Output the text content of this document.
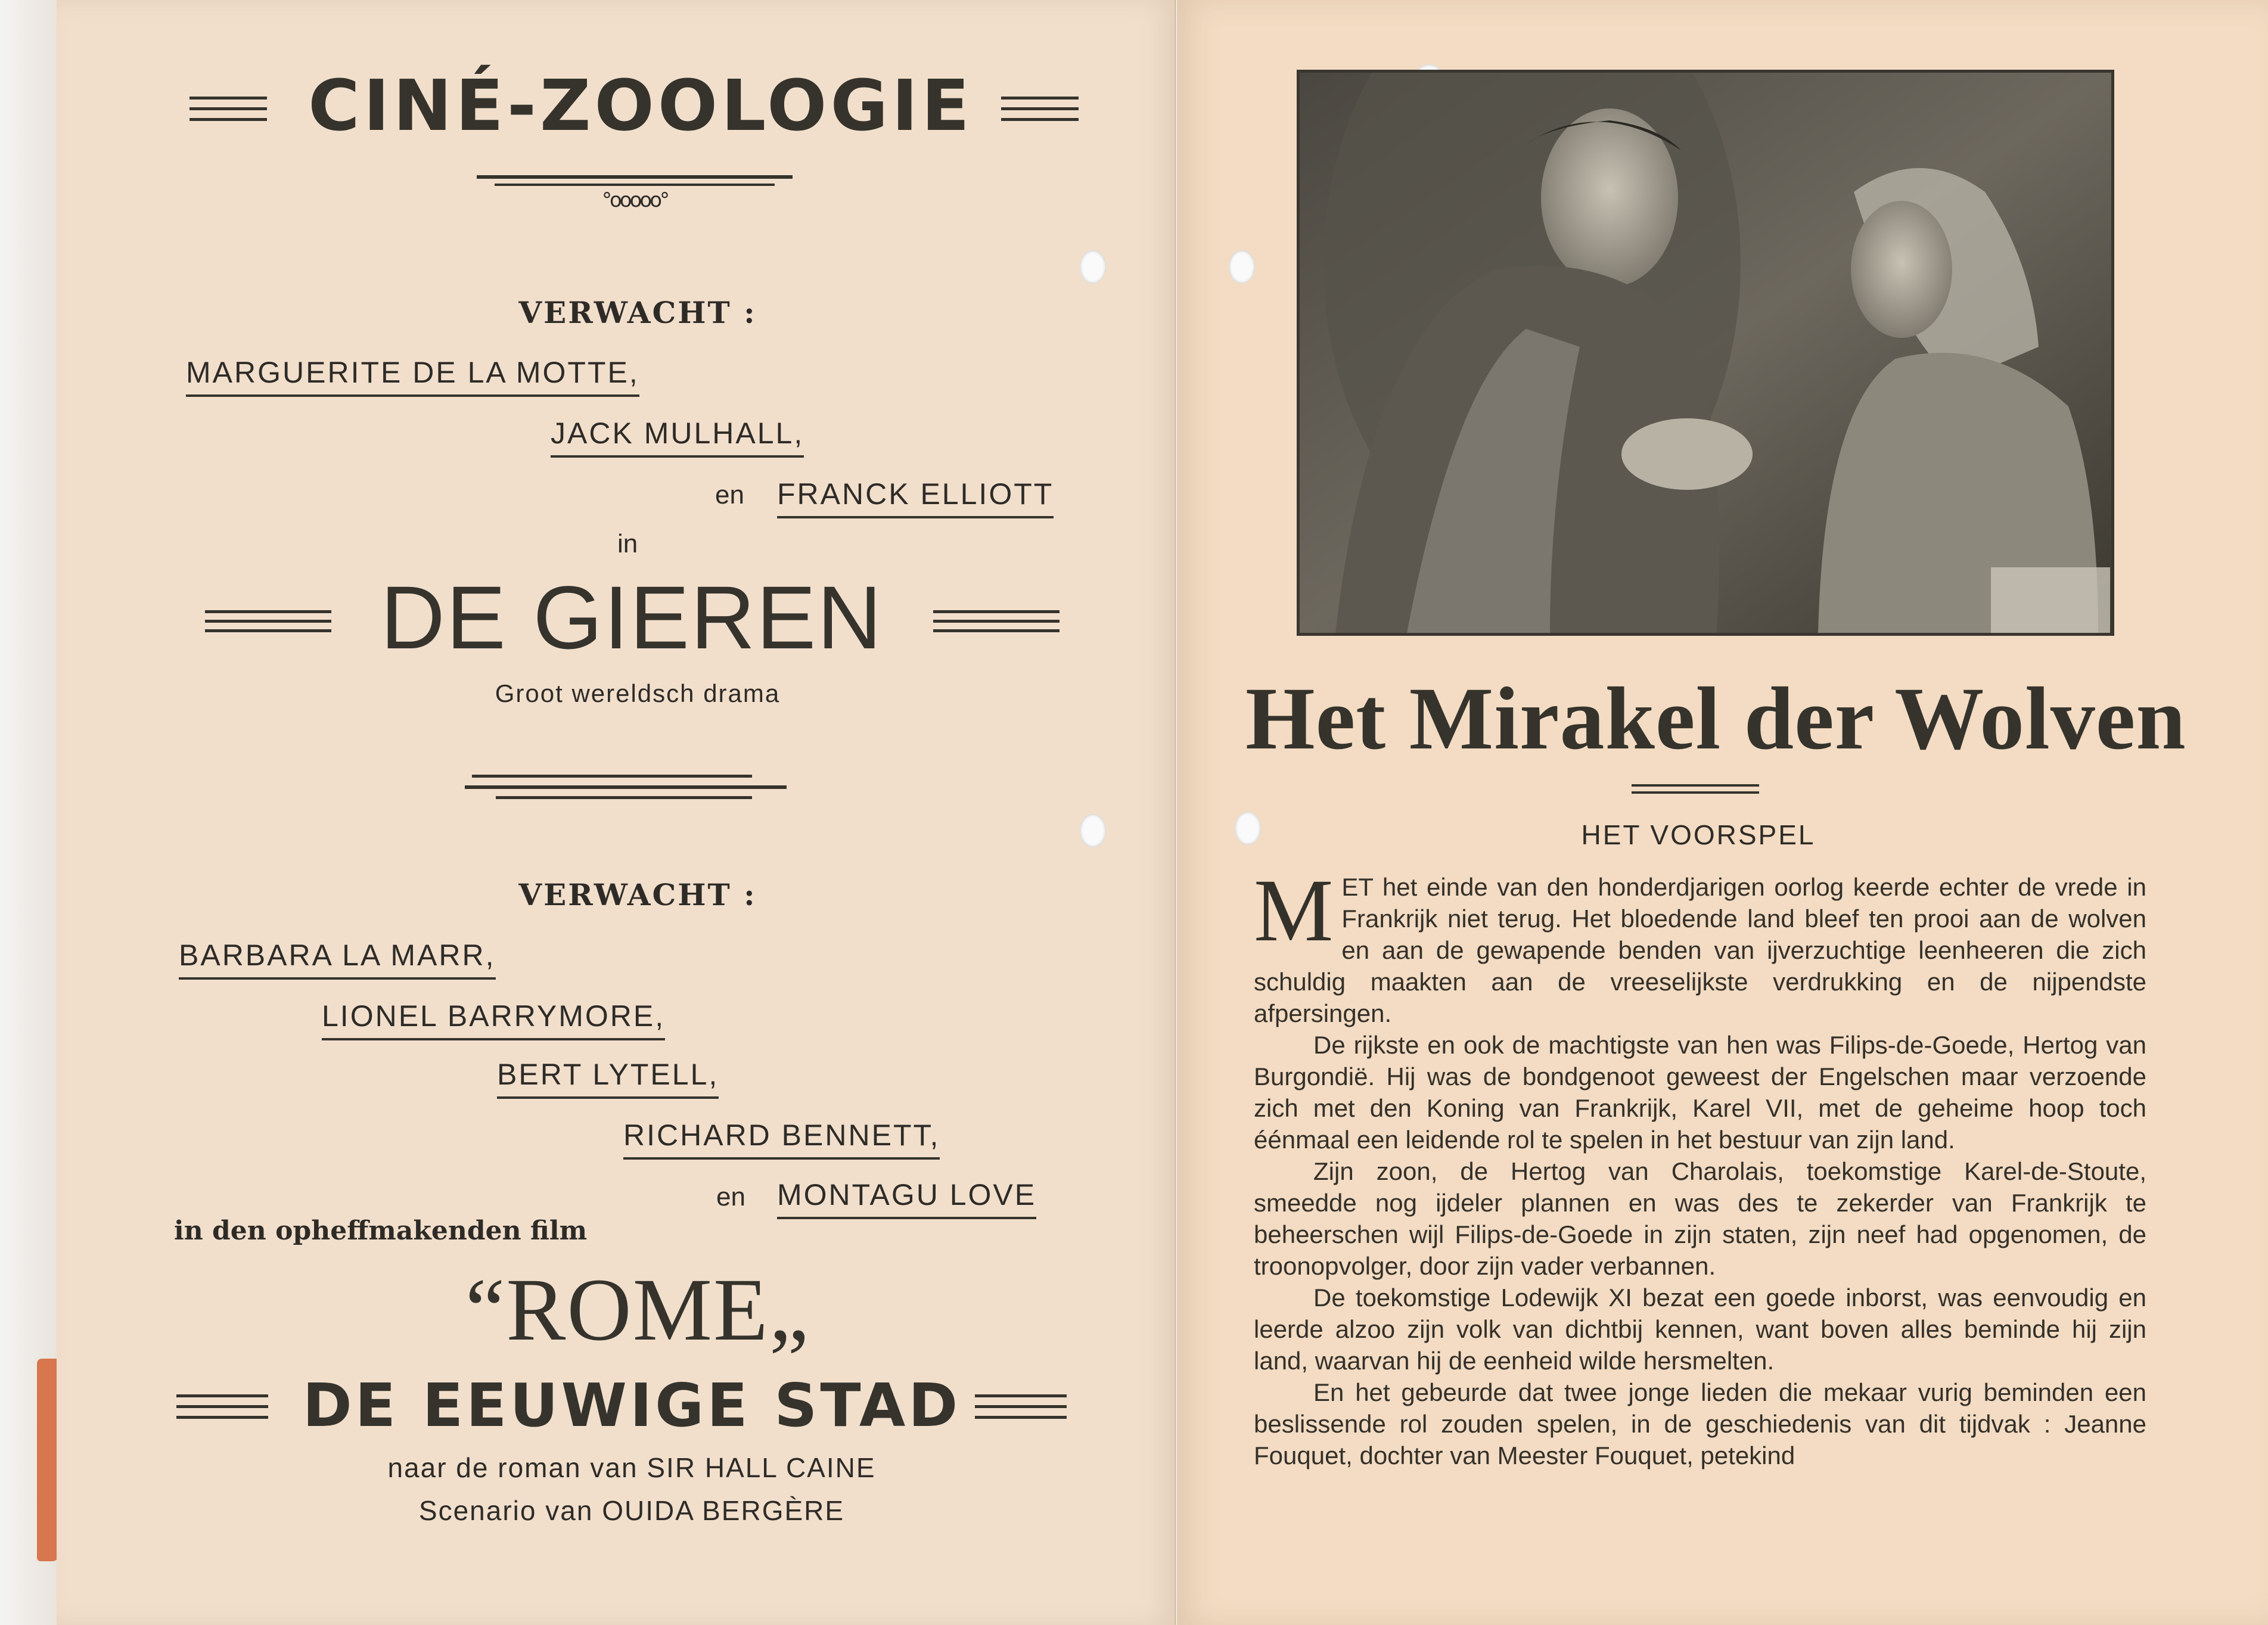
CINÉ-ZOOLOGIE
°ooooo°
VERWACHT :
MARGUERITE DE LA MOTTE,
JACK MULHALL,
en FRANCK ELLIOTT
in
DE GIEREN
Groot wereldsch drama
VERWACHT :
BARBARA LA MARR,
LIONEL BARRYMORE,
BERT LYTELL,
RICHARD BENNETT,
en MONTAGU LOVE
in den opheffmakenden film
“ROME„
DE EEUWIGE STAD
naar de roman van SIR HALL CAINE
Scenario van OUIDA BERGÈRE
Het Mirakel der Wolven
HET VOORSPEL

MET het einde van den honderdjarigen oorlog keerde echter de vrede in Frankrijk niet terug. Het bloedende land bleef ten prooi aan de wolven en aan de gewapende benden van ijverzuchtige leenheeren die zich schuldig maakten aan de vreeselijkste verdrukking en de nijpendste afpersingen.

De rijkste en ook de machtigste van hen was Filips-de-Goede, Hertog van Burgondië. Hij was de bondgenoot geweest der Engelschen maar verzoende zich met den Koning van Frankrijk, Karel VII, met de geheime hoop toch éénmaal een leidende rol te spelen in het bestuur van zijn land.

Zijn zoon, de Hertog van Charolais, toekomstige Karel-de-Stoute, smeedde nog ijdeler plannen en was des te zekerder van Frankrijk te beheerschen wijl Filips-de-Goede in zijn staten, zijn neef had opgenomen, de troonopvolger, door zijn vader verbannen.

De toekomstige Lodewijk XI bezat een goede inborst, was eenvoudig en leerde alzoo zijn volk van dichtbij kennen, want boven alles beminde hij zijn land, waarvan hij de eenheid wilde hersmelten.

En het gebeurde dat twee jonge lieden die mekaar vurig beminden een beslissende rol zouden spelen, in de geschiedenis van dit tijdvak : Jeanne Fouquet, dochter van Meester Fouquet, petekind
